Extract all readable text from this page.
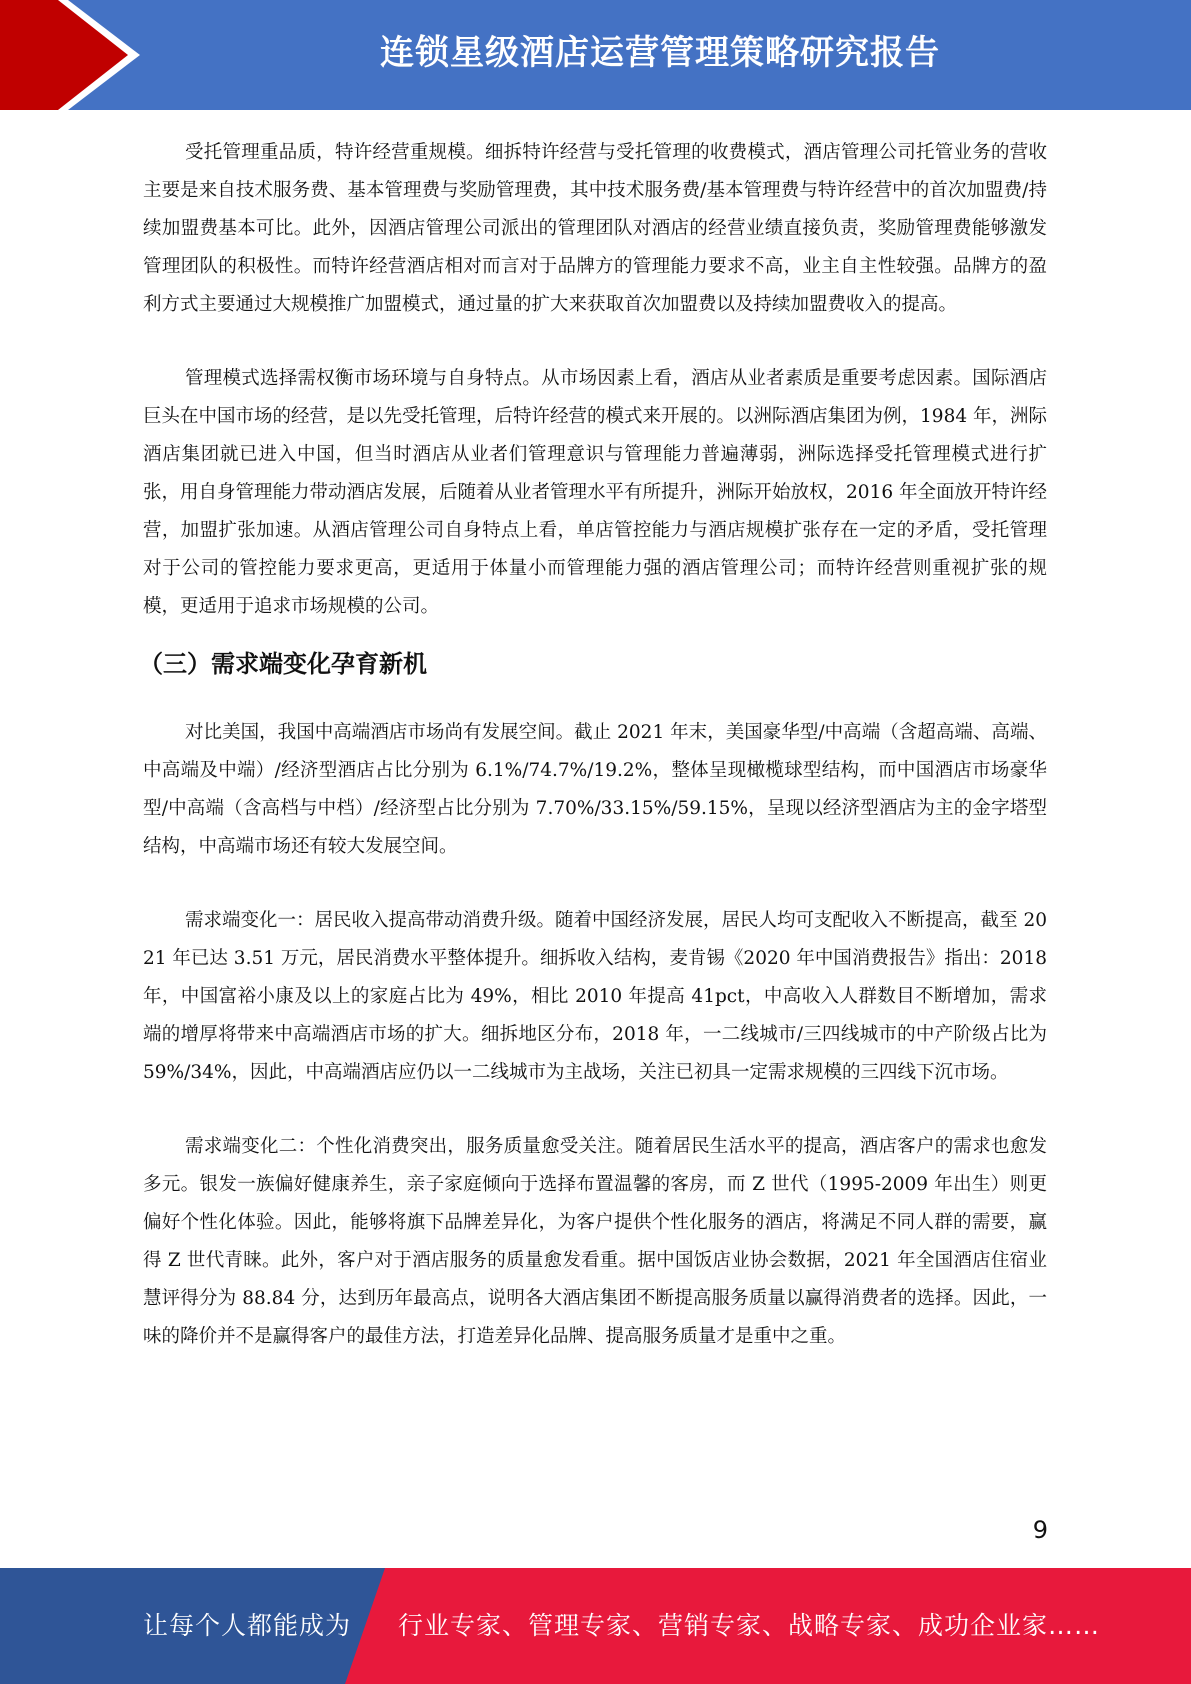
连锁星级酒店运营管理策略研究报告

受托管理重品质，特许经营重规模。细拆特许经营与受托管理的收费模式，酒店管理公司托管业务的营收主要是来自技术服务费、基本管理费与奖励管理费，其中技术服务费/基本管理费与特许经营中的首次加盟费/持续加盟费基本可比。此外，因酒店管理公司派出的管理团队对酒店的经营业绩直接负责，奖励管理费能够激发管理团队的积极性。而特许经营酒店相对而言对于品牌方的管理能力要求不高，业主自主性较强。品牌方的盈利方式主要通过大规模推广加盟模式，通过量的扩大来获取首次加盟费以及持续加盟费收入的提高。

管理模式选择需权衡市场环境与自身特点。从市场因素上看，酒店从业者素质是重要考虑因素。国际酒店巨头在中国市场的经营，是以先受托管理，后特许经营的模式来开展的。以洲际酒店集团为例，1984 年，洲际酒店集团就已进入中国，但当时酒店从业者们管理意识与管理能力普遍薄弱，洲际选择受托管理模式进行扩张，用自身管理能力带动酒店发展，后随着从业者管理水平有所提升，洲际开始放权，2016 年全面放开特许经营，加盟扩张加速。从酒店管理公司自身特点上看，单店管控能力与酒店规模扩张存在一定的矛盾，受托管理对于公司的管控能力要求更高，更适用于体量小而管理能力强的酒店管理公司；而特许经营则重视扩张的规模，更适用于追求市场规模的公司。

（三）需求端变化孕育新机

对比美国，我国中高端酒店市场尚有发展空间。截止 2021 年末，美国豪华型/中高端（含超高端、高端、中高端及中端）/经济型酒店占比分别为 6.1%/74.7%/19.2%，整体呈现橄榄球型结构，而中国酒店市场豪华型/中高端（含高档与中档）/经济型占比分别为 7.70%/33.15%/59.15%，呈现以经济型酒店为主的金字塔型结构，中高端市场还有较大发展空间。

需求端变化一：居民收入提高带动消费升级。随着中国经济发展，居民人均可支配收入不断提高，截至 2021 年已达 3.51 万元，居民消费水平整体提升。细拆收入结构，麦肯锡《2020 年中国消费报告》指出：2018 年，中国富裕小康及以上的家庭占比为 49%，相比 2010 年提高 41pct，中高收入人群数目不断增加，需求端的增厚将带来中高端酒店市场的扩大。细拆地区分布，2018 年，一二线城市/三四线城市的中产阶级占比为 59%/34%，因此，中高端酒店应仍以一二线城市为主战场，关注已初具一定需求规模的三四线下沉市场。

需求端变化二：个性化消费突出，服务质量愈受关注。随着居民生活水平的提高，酒店客户的需求也愈发多元。银发一族偏好健康养生，亲子家庭倾向于选择布置温馨的客房，而 Z 世代（1995-2009 年出生）则更偏好个性化体验。因此，能够将旗下品牌差异化，为客户提供个性化服务的酒店，将满足不同人群的需要，赢得 Z 世代青睐。此外，客户对于酒店服务的质量愈发看重。据中国饭店业协会数据，2021 年全国酒店住宿业慧评得分为 88.84 分，达到历年最高点，说明各大酒店集团不断提高服务质量以赢得消费者的选择。因此，一味的降价并不是赢得客户的最佳方法，打造差异化品牌、提高服务质量才是重中之重。

9
让每个人都能成为 行业专家、管理专家、营销专家、战略专家、成功企业家……
